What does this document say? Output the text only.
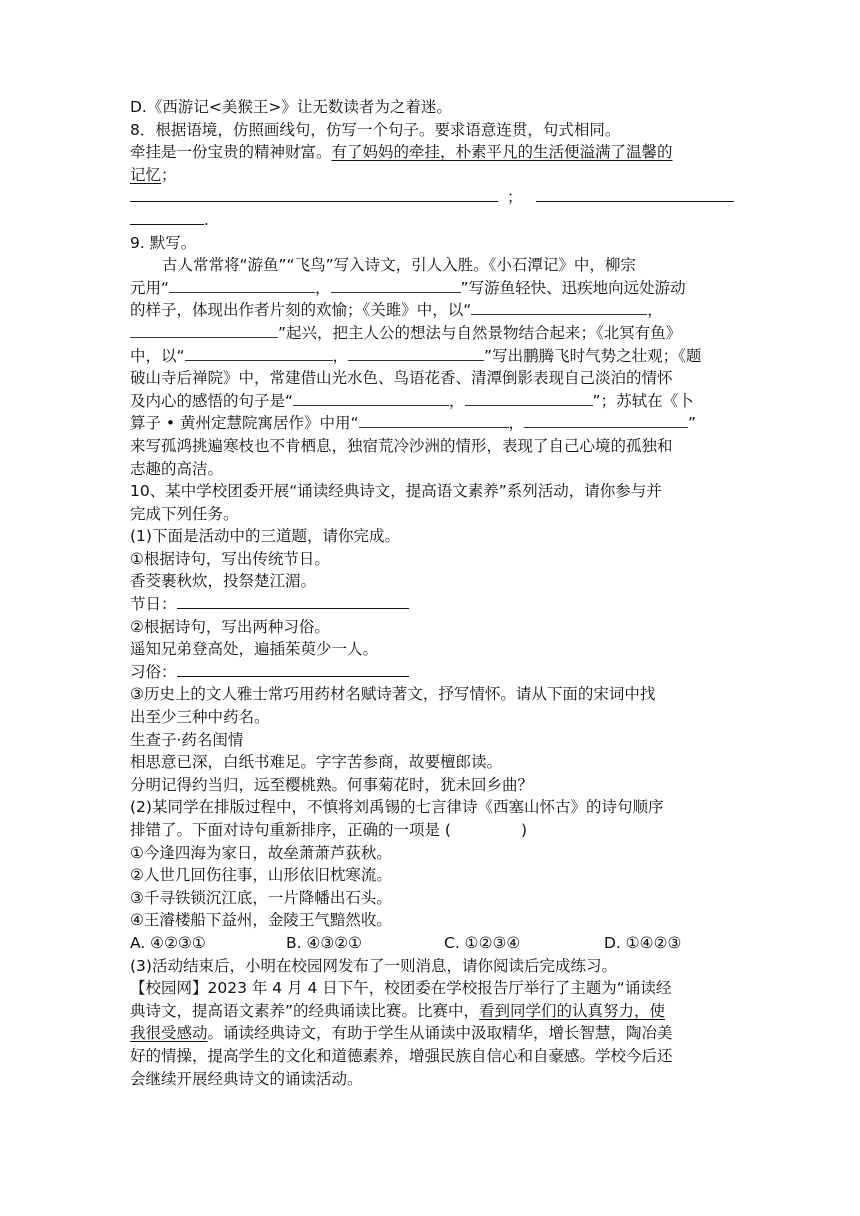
D.《西游记<美猴王>》让无数读者为之着迷。
8．根据语境，仿照画线句，仿写一个句子。要求语意连贯，句式相同。
牵挂是一份宝贵的精神财富。有了妈妈的牵挂，朴素平凡的生活便溢满了温馨的
记忆；
；
.
9. 默写。
古人常常将“游鱼”“飞鸟”写入诗文，引人入胜。《小石潭记》中，柳宗
元用“	，	”写游鱼轻快、迅疾地向远处游动
的样子，体现出作者片刻的欢愉；《关雎》中，以“	，
”起兴，把主人公的想法与自然景物结合起来；《北冥有鱼》
中，以“	，	”写出鹏腾飞时气势之壮观；《题
破山寺后禅院》中，常建借山光水色、鸟语花香、清潭倒影表现自己淡泊的情怀
及内心的感悟的句子是“	，	”；苏轼在《卜
算子 • 黄州定慧院寓居作》中用“	，	”
来写孤鸿挑遍寒枝也不肯栖息，独宿荒冷沙洲的情形，表现了自己心境的孤独和
志趣的高洁。
10、某中学校团委开展“诵读经典诗文，提高语文素养”系列活动，请你参与并
完成下列任务。
(1)下面是活动中的三道题，请你完成。
①根据诗句，写出传统节日。
香茭裹秋炊，投祭楚江湄。
节日：
②根据诗句，写出两种习俗。
遥知兄弟登高处，遍插茱萸少一人。
习俗：
③历史上的文人雅士常巧用药材名赋诗著文，抒写情怀。请从下面的宋词中找
出至少三种中药名。
生查子·药名闺情
相思意已深，白纸书难足。字字苦参商，故要檀郎读。
分明记得约当归，远至樱桃熟。何事菊花时，犹未回乡曲？
(2)某同学在排版过程中，不慎将刘禹锡的七言律诗《西塞山怀古》的诗句顺序
排错了。下面对诗句重新排序，正确的一项是 (	)
①今逢四海为家日，故垒萧萧芦荻秋。
②人世几回伤往事，山形依旧枕寒流。
③千寻铁锁沉江底，一片降幡出石头。
④王濬楼船下益州，金陵王气黯然收。
A. ④②③①	B. ④③②①	C. ①②③④	D. ①④②③
(3)活动结束后，小明在校园网发布了一则消息，请你阅读后完成练习。
【校园网】2023 年 4 月 4 日下午，校团委在学校报告厅举行了主题为“诵读经
典诗文，提高语文素养”的经典诵读比赛。比赛中，看到同学们的认真努力，使
我很受感动。诵读经典诗文，有助于学生从诵读中汲取精华，增长智慧，陶冶美
好的情操，提高学生的文化和道德素养，增强民族自信心和自豪感。学校今后还
会继续开展经典诗文的诵读活动。
